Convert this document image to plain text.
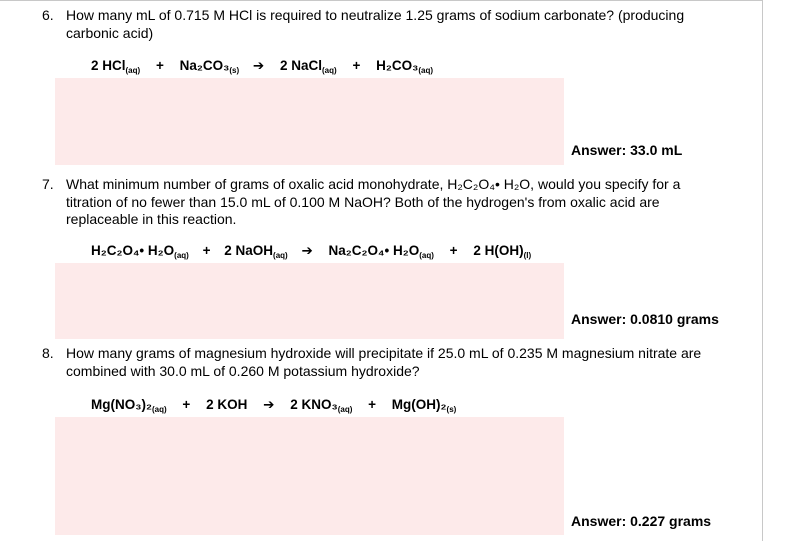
6. How many mL of 0.715 M HCl is required to neutralize 1.25 grams of sodium carbonate? (producing carbonic acid)
2 $HCl_{(aq)} + Na_2CO_3_{(s)}$ ➔ 2 NaCl$_{(aq)}$ + $H_2CO_3_{(aq)}$
Answer: 33.0 mL
7. What minimum number of grams of oxalic acid monohydrate, H₂C₂O₄• H₂O, would you specify for a titration of no fewer than 15.0 mL of 0.100 M NaOH? Both of the hydrogen's from oxalic acid are replaceable in this reaction.
H₂C₂O₄• $H_2O_{(aq)} + 2$ NaOH$_{(aq)}$ ➔ Na₂C₂O₄• $H_2O_{(aq)} + 2$ $H(OH)_{(l)}$
Answer: 0.0810 grams
8. How many grams of magnesium hydroxide will precipitate if 25.0 mL of 0.235 M magnesium nitrate are combined with 30.0 mL of 0.260 M potassium hydroxide?
$Mg(NO_3)_2_{(aq)} + 2$ KOH ➔ 2 $KNO_3_{(aq)} + Mg(OH)_2_{(s)}$
Answer: 0.227 grams
